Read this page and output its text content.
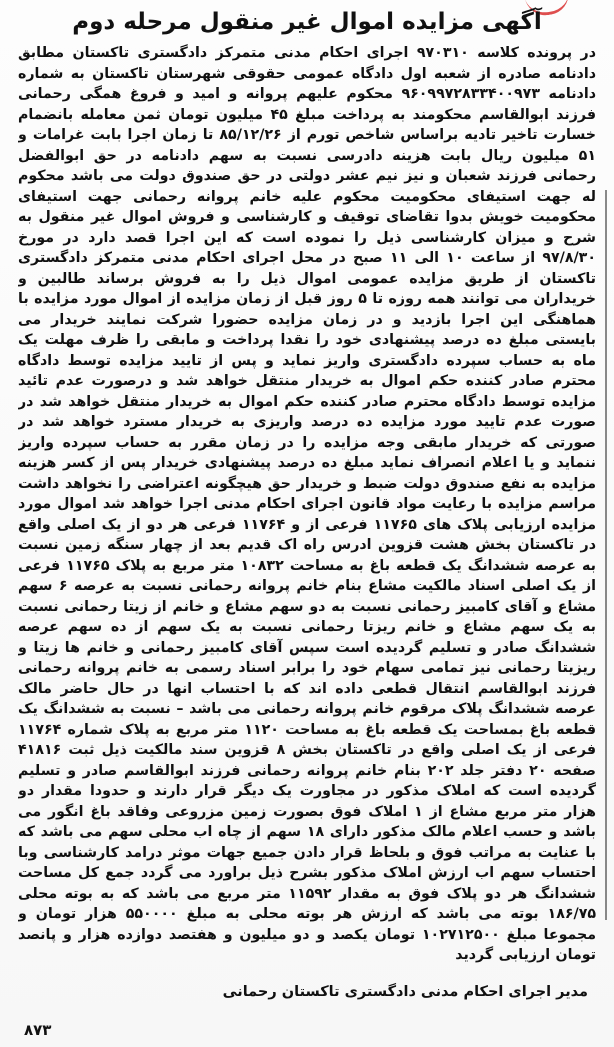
آگهی مزایده اموال غیر منقول مرحله دوم

در پرونده کلاسه ۹۷۰۳۱۰ اجرای احکام مدنی متمرکز دادگستری تاکستان مطابق دادنامه صادره از شعبه اول دادگاه عمومی حقوقی شهرستان تاکستان به شماره دادنامه ۹۶۰۹۹۷۲۸۳۳۴۰۰۹۷۳ محکوم علیهم پروانه و امید و فروغ همگی رحمانی فرزند ابوالقاسم محکومند به پرداخت مبلغ ۴۵ میلیون تومان ثمن معامله بانضمام خسارت تاخیر تادیه براساس شاخص تورم از ۸۵/۱۲/۲۶ تا زمان اجرا بابت غرامات و ۵۱ میلیون ریال بابت هزینه دادرسی نسبت به سهم دادنامه در حق ابوالفضل رحمانی فرزند شعبان و نیز نیم عشر دولتی در حق صندوق دولت می باشد محکوم له جهت استیفای محکومیت محکوم علیه خانم پروانه رحمانی جهت استیفای محکومیت خویش بدوا تقاضای توقیف و کارشناسی و فروش اموال غیر منقول به شرح و میزان کارشناسی ذیل را نموده است که این اجرا قصد دارد در مورخ ۹۷/۸/۳۰ از ساعت ۱۰ الی ۱۱ صبح در محل اجرای احکام مدنی متمرکز دادگستری تاکستان از طریق مزایده عمومی اموال ذیل را به فروش برساند طالبین و خریداران می توانند همه روزه تا ۵ روز قبل از زمان مزایده از اموال مورد مزایده با هماهنگی این اجرا بازدید و در زمان مزایده حضورا شرکت نمایند خریدار می بایستی مبلغ ده درصد پیشنهادی خود را نقدا پرداخت و مابقی را ظرف مهلت یک ماه به حساب سپرده دادگستری واریز نماید و پس از تایید مزایده توسط دادگاه محترم صادر کننده حکم اموال به خریدار منتقل خواهد شد و درصورت عدم تائید مزایده توسط دادگاه محترم صادر کننده حکم اموال به خریدار منتقل خواهد شد در صورت عدم تایید مورد مزایده ده درصد واریزی به خریدار مسترد خواهد شد در صورتی که خریدار مابقی وجه مزایده را در زمان مقرر به حساب سپرده واریز ننماید و یا اعلام انصراف نماید مبلغ ده درصد پیشنهادی خریدار پس از کسر هزینه مزایده به نفع صندوق دولت ضبط و خریدار حق هیچگونه اعتراضی را نخواهد داشت مراسم مزایده با رعایت مواد قانون اجرای احکام مدنی اجرا خواهد شد اموال مورد مزایده ارزیابی پلاک های ۱۱۷۶۵ فرعی از و ۱۱۷۶۴ فرعی هر دو از یک اصلی واقع در تاکستان بخش هشت قزوین ادرس راه اک قدیم بعد از چهار سنگه زمین نسبت به عرصه ششدانگ یک قطعه باغ به مساحت ۱۰۸۳۲ متر مربع به پلاک ۱۱۷۶۵ فرعی از یک اصلی اسناد مالکیت مشاع بنام خانم پروانه رحمانی نسبت به عرصه ۶ سهم مشاع و آقای کامبیز رحمانی نسبت به دو سهم مشاع و خانم از زیتا رحمانی نسبت به یک سهم مشاع و خانم ریزتا رحمانی نسبت به یک سهم از ده سهم عرصه ششدانگ صادر و تسلیم گردیده است سپس آقای کامبیز رحمانی و خانم ها زیتا و ریزیتا رحمانی نیز تمامی سهام خود را برابر اسناد رسمی به خانم پروانه رحمانی فرزند ابوالقاسم انتقال قطعی داده اند که با احتساب انها در حال حاضر مالک عرصه ششدانگ پلاک مرقوم خانم پروانه رحمانی می باشد – نسبت به ششدانگ یک قطعه باغ بمساحت یک قطعه باغ به مساحت ۱۱۲۰ متر مربع به پلاک شماره ۱۱۷۶۴ فرعی از یک اصلی واقع در تاکستان بخش ۸ قزوین سند مالکیت ذیل ثبت ۴۱۸۱۶ صفحه ۲۰ دفتر جلد ۲۰۲ بنام خانم پروانه رحمانی فرزند ابوالقاسم صادر و تسلیم گردیده است که املاک مذکور در مجاورت یک دیگر قرار دارند و حدودا مقدار دو هزار متر مربع مشاع از ۱ املاک فوق بصورت زمین مزروعی وفاقد باغ انگور می باشد و حسب اعلام مالک مذکور دارای ۱۸ سهم از چاه اب محلی سهم می باشد که با عنایت به مراتب فوق و بلحاظ قرار دادن جمیع جهات موثر درامد کارشناسی وبا احتساب سهم اب ارزش املاک مذکور بشرح ذیل براورد می گردد جمع کل مساحت ششدانگ هر دو پلاک فوق به مقدار ۱۱۵۹۲ متر مربع می باشد که به بوته محلی ۱۸۶/۷۵ بوته می باشد که ارزش هر بوته محلی به مبلغ ۵۵۰۰۰۰ هزار تومان و مجموعا مبلغ ۱۰۲۷۱۲۵۰۰ تومان یکصد و دو میلیون و هفتصد دوازده هزار و پانصد تومان ارزیابی گردید

مدیر اجرای احکام مدنی دادگستری تاکستان رحمانی
۸۷۳
